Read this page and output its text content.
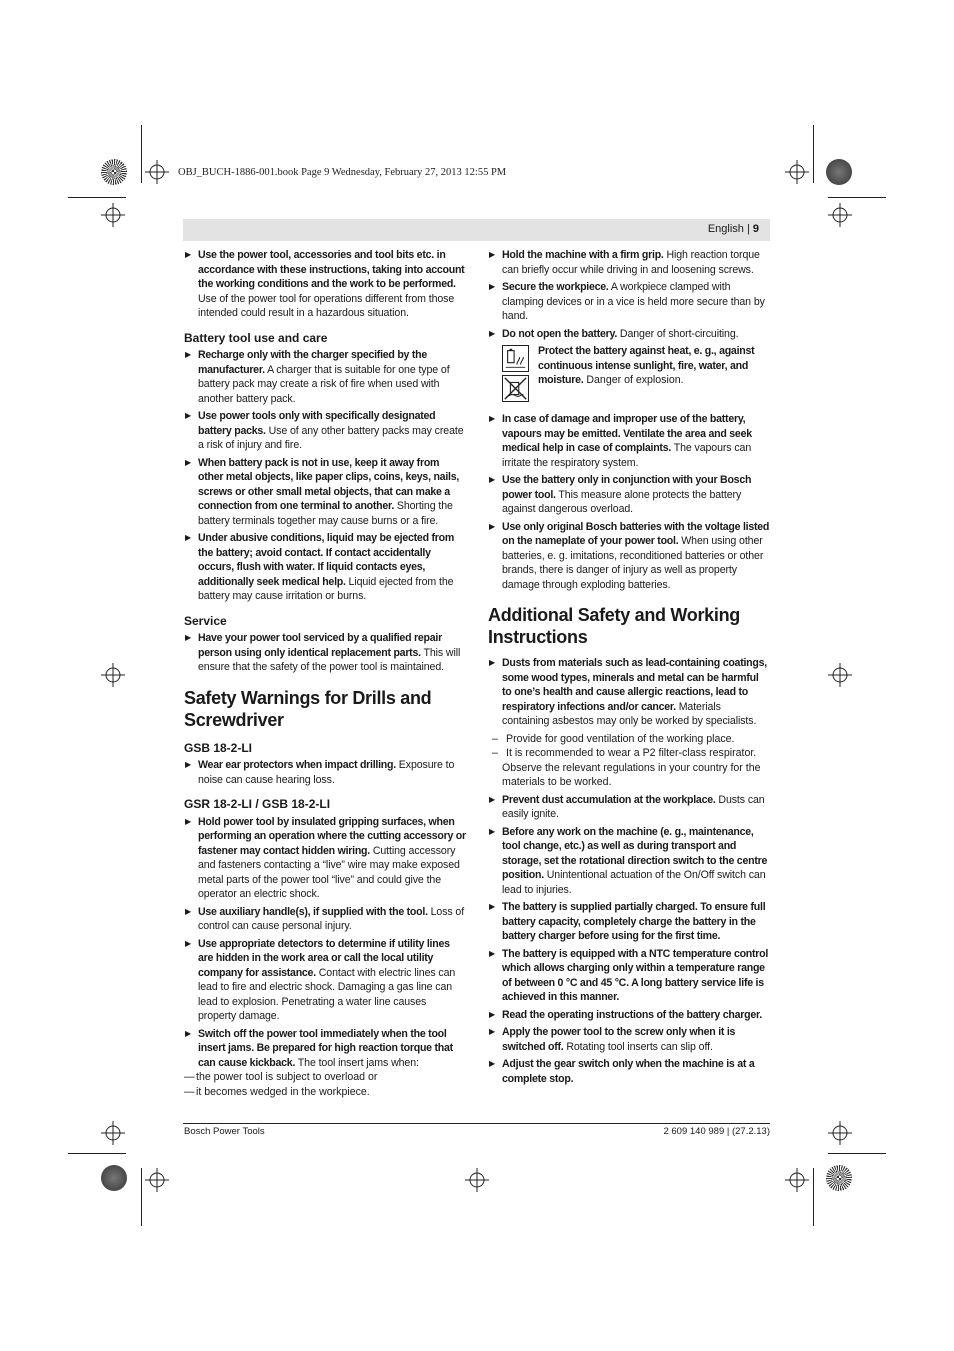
OBJ_BUCH-1886-001.book Page 9 Wednesday, February 27, 2013 12:55 PM
English | 9
▶ Use the power tool, accessories and tool bits etc. in accordance with these instructions, taking into account the working conditions and the work to be performed. Use of the power tool for operations different from those intended could result in a hazardous situation.
Battery tool use and care
▶ Recharge only with the charger specified by the manufacturer. A charger that is suitable for one type of battery pack may create a risk of fire when used with another battery pack.
▶ Use power tools only with specifically designated battery packs. Use of any other battery packs may create a risk of injury and fire.
▶ When battery pack is not in use, keep it away from other metal objects, like paper clips, coins, keys, nails, screws or other small metal objects, that can make a connection from one terminal to another. Shorting the battery terminals together may cause burns or a fire.
▶ Under abusive conditions, liquid may be ejected from the battery; avoid contact. If contact accidentally occurs, flush with water. If liquid contacts eyes, additionally seek medical help. Liquid ejected from the battery may cause irritation or burns.
Service
▶ Have your power tool serviced by a qualified repair person using only identical replacement parts. This will ensure that the safety of the power tool is maintained.
Safety Warnings for Drills and Screwdriver
GSB 18-2-LI
▶ Wear ear protectors when impact drilling. Exposure to noise can cause hearing loss.
GSR 18-2-LI / GSB 18-2-LI
▶ Hold power tool by insulated gripping surfaces, when performing an operation where the cutting accessory or fastener may contact hidden wiring. Cutting accessory and fasteners contacting a “live” wire may make exposed metal parts of the power tool “live” and could give the operator an electric shock.
▶ Use auxiliary handle(s), if supplied with the tool. Loss of control can cause personal injury.
▶ Use appropriate detectors to determine if utility lines are hidden in the work area or call the local utility company for assistance. Contact with electric lines can lead to fire and electric shock. Damaging a gas line can lead to explosion. Penetrating a water line causes property damage.
▶ Switch off the power tool immediately when the tool insert jams. Be prepared for high reaction torque that can cause kickback. The tool insert jams when:
— the power tool is subject to overload or
— it becomes wedged in the workpiece.
▶ Hold the machine with a firm grip. High reaction torque can briefly occur while driving in and loosening screws.
▶ Secure the workpiece. A workpiece clamped with clamping devices or in a vice is held more secure than by hand.
▶ Do not open the battery. Danger of short-circuiting.
Protect the battery against heat, e. g., against continuous intense sunlight, fire, water, and moisture. Danger of explosion.
▶ In case of damage and improper use of the battery, vapours may be emitted. Ventilate the area and seek medical help in case of complaints. The vapours can irritate the respiratory system.
▶ Use the battery only in conjunction with your Bosch power tool. This measure alone protects the battery against dangerous overload.
▶ Use only original Bosch batteries with the voltage listed on the nameplate of your power tool. When using other batteries, e. g. imitations, reconditioned batteries or other brands, there is danger of injury as well as property damage through exploding batteries.
Additional Safety and Working Instructions
▶ Dusts from materials such as lead-containing coatings, some wood types, minerals and metal can be harmful to one’s health and cause allergic reactions, lead to respiratory infections and/or cancer. Materials containing asbestos may only be worked by specialists.
– Provide for good ventilation of the working place.
– It is recommended to wear a P2 filter-class respirator.
Observe the relevant regulations in your country for the materials to be worked.
▶ Prevent dust accumulation at the workplace. Dusts can easily ignite.
▶ Before any work on the machine (e. g., maintenance, tool change, etc.) as well as during transport and storage, set the rotational direction switch to the centre position. Unintentional actuation of the On/Off switch can lead to injuries.
▶ The battery is supplied partially charged. To ensure full battery capacity, completely charge the battery in the battery charger before using for the first time.
▶ The battery is equipped with a NTC temperature control which allows charging only within a temperature range of between 0 °C and 45 °C. A long battery service life is achieved in this manner.
▶ Read the operating instructions of the battery charger.
▶ Apply the power tool to the screw only when it is switched off. Rotating tool inserts can slip off.
▶ Adjust the gear switch only when the machine is at a complete stop.
Bosch Power Tools	2 609 140 989 | (27.2.13)
